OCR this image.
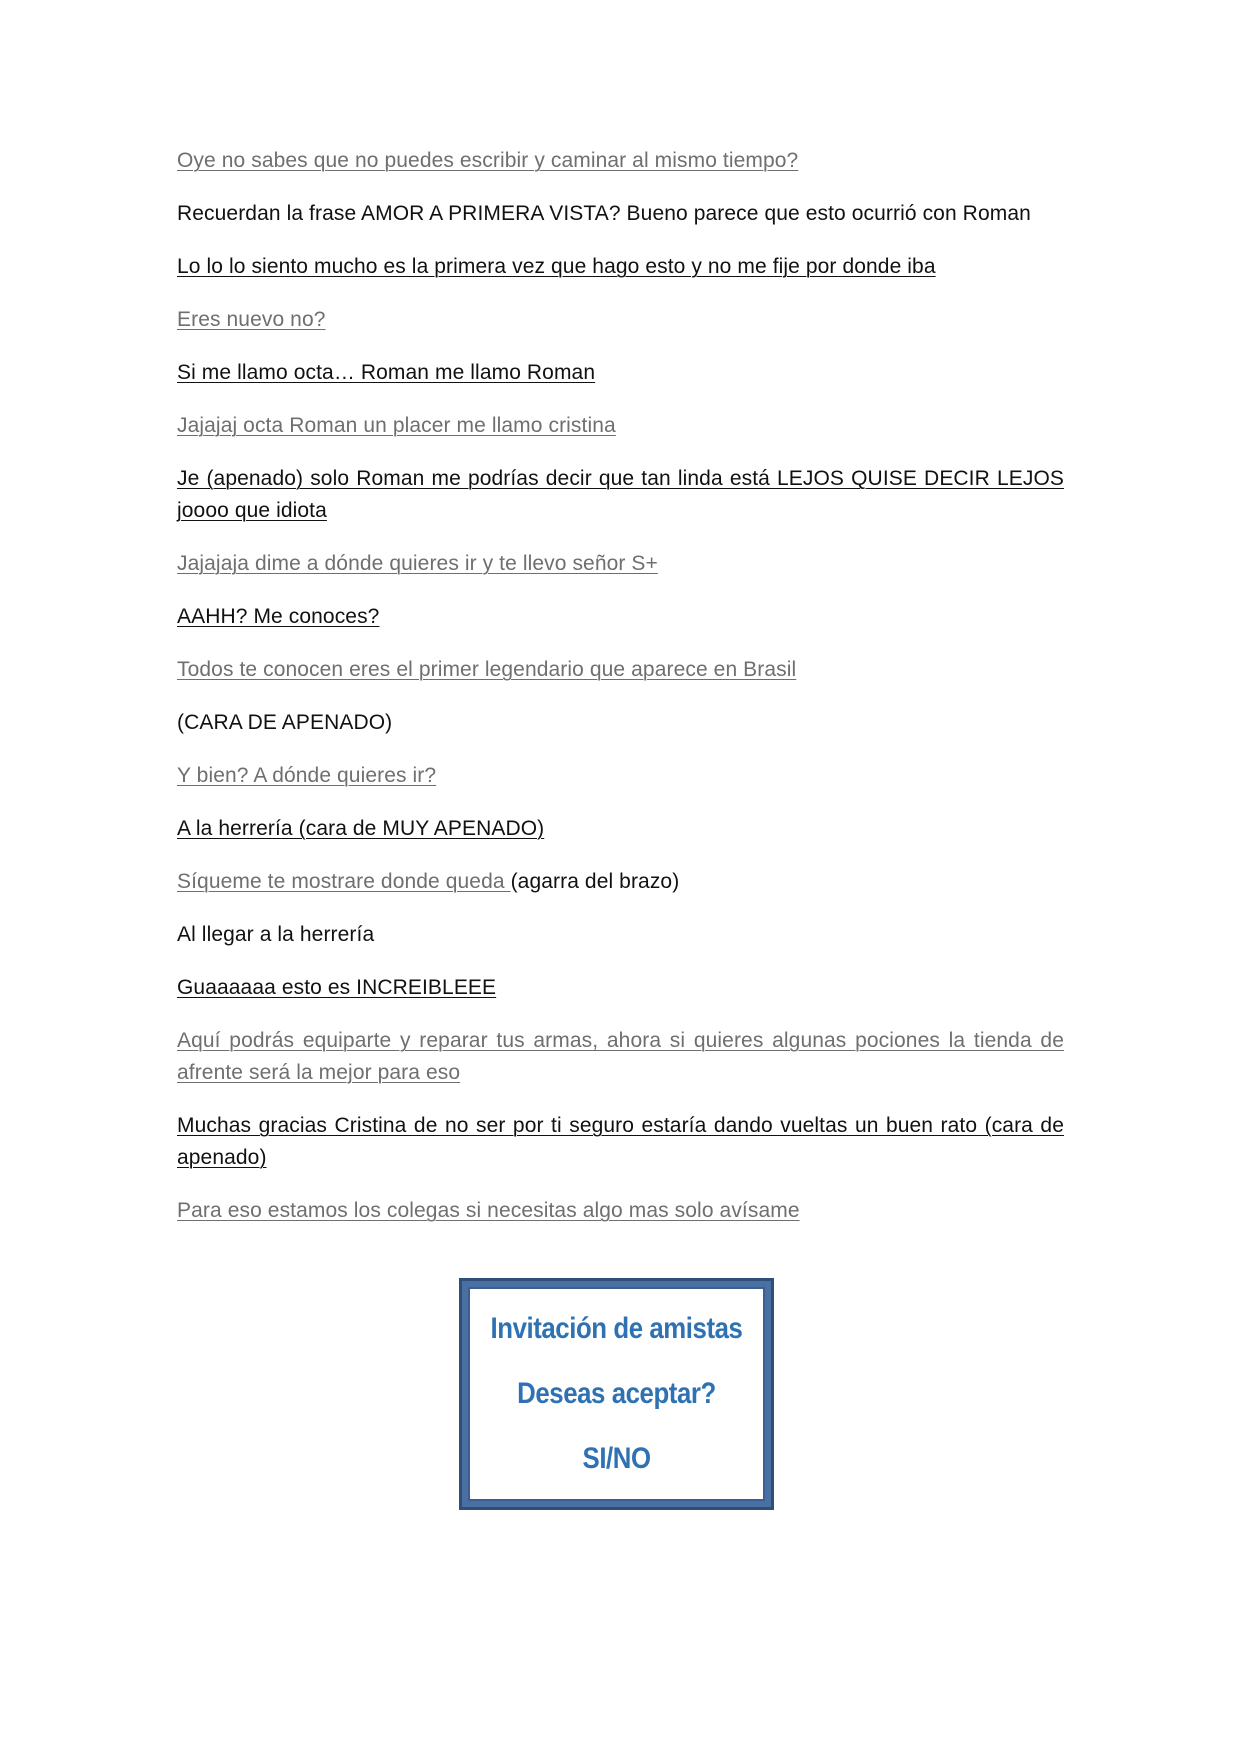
Oye no sabes que no puedes escribir y caminar al mismo tiempo?

Recuerdan la frase AMOR A PRIMERA VISTA? Bueno parece que esto ocurrió con Roman

Lo lo lo siento mucho es la primera vez que hago esto y no me fije por donde iba

Eres nuevo no?

Si me llamo octa… Roman me llamo Roman

Jajajaj octa Roman un placer me llamo cristina

Je (apenado) solo Roman me podrías decir que tan linda está LEJOS QUISE DECIR LEJOS joooo que idiota

Jajajaja dime a dónde quieres ir y te llevo señor S+

AAHH? Me conoces?

Todos te conocen eres el primer legendario que aparece en Brasil

(CARA DE APENADO)

Y bien? A dónde quieres ir?

A la herrería (cara de MUY APENADO)

Síqueme te mostrare donde queda (agarra del brazo)

Al llegar a la herrería

Guaaaaaa esto es INCREIBLEEE

Aquí podrás equiparte y reparar tus armas, ahora si quieres algunas pociones la tienda de afrente será la mejor para eso

Muchas gracias Cristina de no ser por ti seguro estaría dando vueltas un buen rato (cara de apenado)

Para eso estamos los colegas si necesitas algo mas solo avísame

Invitación de amistas
Deseas aceptar?
SI/NO
